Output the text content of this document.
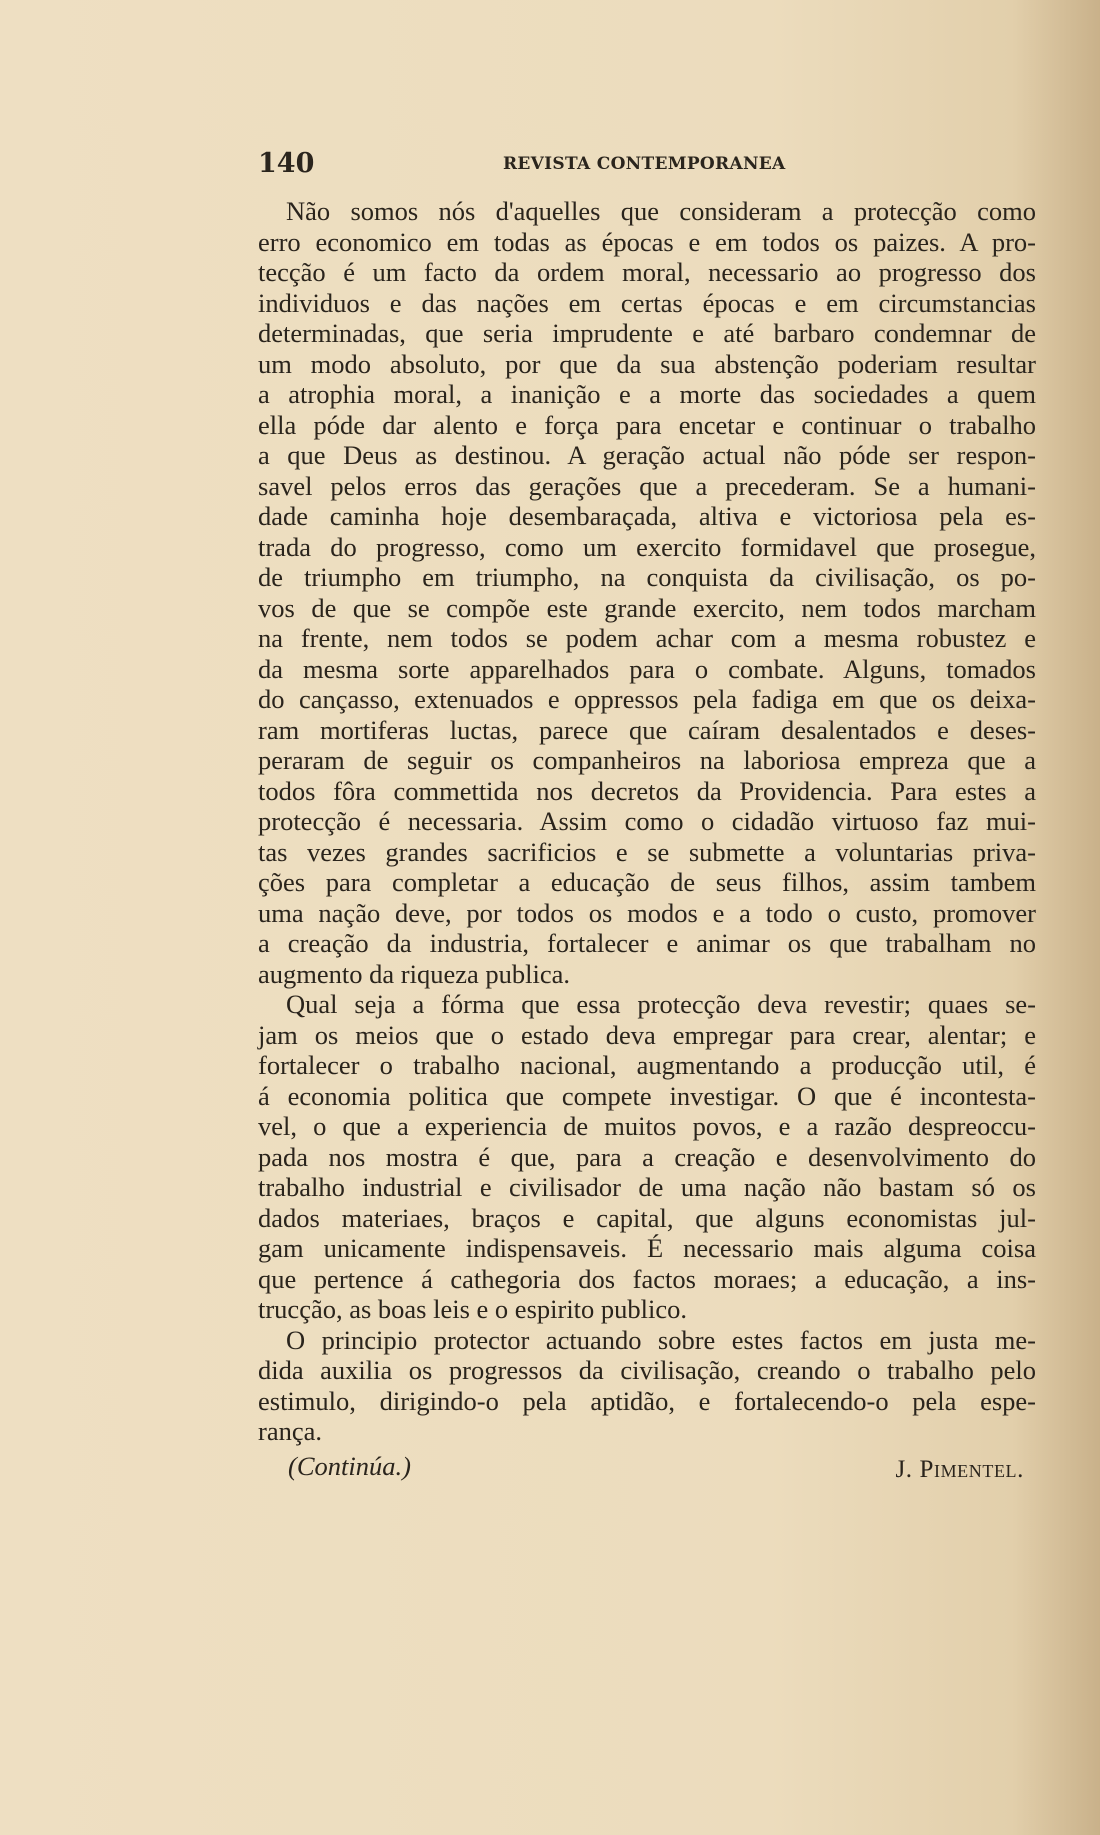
140	REVISTA CONTEMPORANEA
Não somos nós d'aquelles que consideram a protecção como
erro economico em todas as épocas e em todos os paizes. A pro-
tecção é um facto da ordem moral, necessario ao progresso dos
individuos e das nações em certas épocas e em circumstancias
determinadas, que seria imprudente e até barbaro condemnar de
um modo absoluto, por que da sua abstenção poderiam resultar
a atrophia moral, a inanição e a morte das sociedades a quem
ella póde dar alento e força para encetar e continuar o trabalho
a que Deus as destinou. A geração actual não póde ser respon-
savel pelos erros das gerações que a precederam. Se a humani-
dade caminha hoje desembaraçada, altiva e victoriosa pela es-
trada do progresso, como um exercito formidavel que prosegue,
de triumpho em triumpho, na conquista da civilisação, os po-
vos de que se compõe este grande exercito, nem todos marcham
na frente, nem todos se podem achar com a mesma robustez e
da mesma sorte apparelhados para o combate. Alguns, tomados
do cançasso, extenuados e oppressos pela fadiga em que os deixa-
ram mortiferas luctas, parece que caíram desalentados e deses-
peraram de seguir os companheiros na laboriosa empreza que a
todos fôra commettida nos decretos da Providencia. Para estes a
protecção é necessaria. Assim como o cidadão virtuoso faz mui-
tas vezes grandes sacrificios e se submette a voluntarias priva-
ções para completar a educação de seus filhos, assim tambem
uma nação deve, por todos os modos e a todo o custo, promover
a creação da industria, fortalecer e animar os que trabalham no
augmento da riqueza publica.
Qual seja a fórma que essa protecção deva revestir; quaes se-
jam os meios que o estado deva empregar para crear, alentar; e
fortalecer o trabalho nacional, augmentando a producção util, é
á economia politica que compete investigar. O que é incontesta-
vel, o que a experiencia de muitos povos, e a razão despreoccu-
pada nos mostra é que, para a creação e desenvolvimento do
trabalho industrial e civilisador de uma nação não bastam só os
dados materiaes, braços e capital, que alguns economistas jul-
gam unicamente indispensaveis. É necessario mais alguma coisa
que pertence á cathegoria dos factos moraes; a educação, a ins-
trucção, as boas leis e o espirito publico.
O principio protector actuando sobre estes factos em justa me-
dida auxilia os progressos da civilisação, creando o trabalho pelo
estimulo, dirigindo-o pela aptidão, e fortalecendo-o pela espe-
rança.
(Continúa.)	J. Pimentel.
